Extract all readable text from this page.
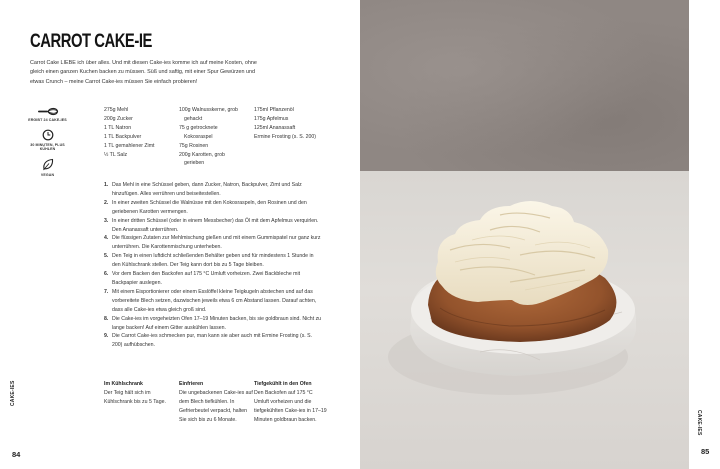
CARROT CAKE-IE

Carrot Cake LIEBE ich über alles. Und mit diesen Cake-ies komme ich auf meine Kosten, ohne gleich einen ganzen Kuchen backen zu müssen. Süß und saftig, mit einer Spur Gewürzen und etwas Crunch – meine Carrot Cake-ies müssen Sie einfach probieren!

ERGIBT 24 CAKE-IES
30 MINUTEN, PLUS KÜHLEN
VEGAN
275g Mehl
200g Zucker
1 TL Natron
1 TL Backpulver
1 TL gemahlener Zimt
½ TL Salz
100g Walnusskerne, grob
gehackt
75 g getrocknete
Kokosraspel
75g Rosinen
200g Karotten, grob
gerieben
175ml Pflanzenöl
175g Apfelmus
125ml Ananassaft
Ermine Frosting (s. S. 200)
1. Das Mehl in eine Schüssel geben, dann Zucker, Natron, Backpulver, Zimt und Salz hinzufügen. Alles verrühren und beiseitestellen.
2. In einer zweiten Schüssel die Walnüsse mit den Kokosraspeln, den Rosinen und den geriebenen Karotten vermengen.
3. In einer dritten Schüssel (oder in einem Messbecher) das Öl mit dem Apfelmus verquirlen. Den Ananassaft unterrühren.
4. Die flüssigen Zutaten zur Mehlmischung gießen und mit einem Gummispatel nur ganz kurz unterrühren. Die Karottenmischung unterheben.
5. Den Teig in einen luftdicht schließenden Behälter geben und für mindestens 1 Stunde in den Kühlschrank stellen. Der Teig kann dort bis zu 5 Tage bleiben.
6. Vor dem Backen den Backofen auf 175 °C Umluft vorheizen. Zwei Backbleche mit Backpapier auslegen.
7. Mit einem Eisportionierer oder einem Esslöffel kleine Teigkugeln abstechen und auf das vorbereitete Blech setzen, dazwischen jeweils etwa 6 cm Abstand lassen. Darauf achten, dass alle Cake-ies etwa gleich groß sind.
8. Die Cake-ies im vorgeheizten Ofen 17–19 Minuten backen, bis sie goldbraun sind. Nicht zu lange backen! Auf einem Gitter auskühlen lassen.
9. Die Carrot Cake-ies schmecken pur, man kann sie aber auch mit Ermine Frosting (s. S. 200) aufhübschen.
Im Kühlschrank
Der Teig hält sich im Kühlschrank bis zu 5 Tage.
Einfrieren
Die ungebackenen Cake-ies auf dem Blech tiefkühlen. In Gefrierbeutel verpackt, halten Sie sich bis zu 6 Monate.
Tiefgekühlt in den Ofen
Den Backofen auf 175 °C Umluft vorheizen und die tiefgekühlten Cake-ies in 17–19 Minuten goldbraun backen.
CAKE-IES
84
CAKE-IES
85
